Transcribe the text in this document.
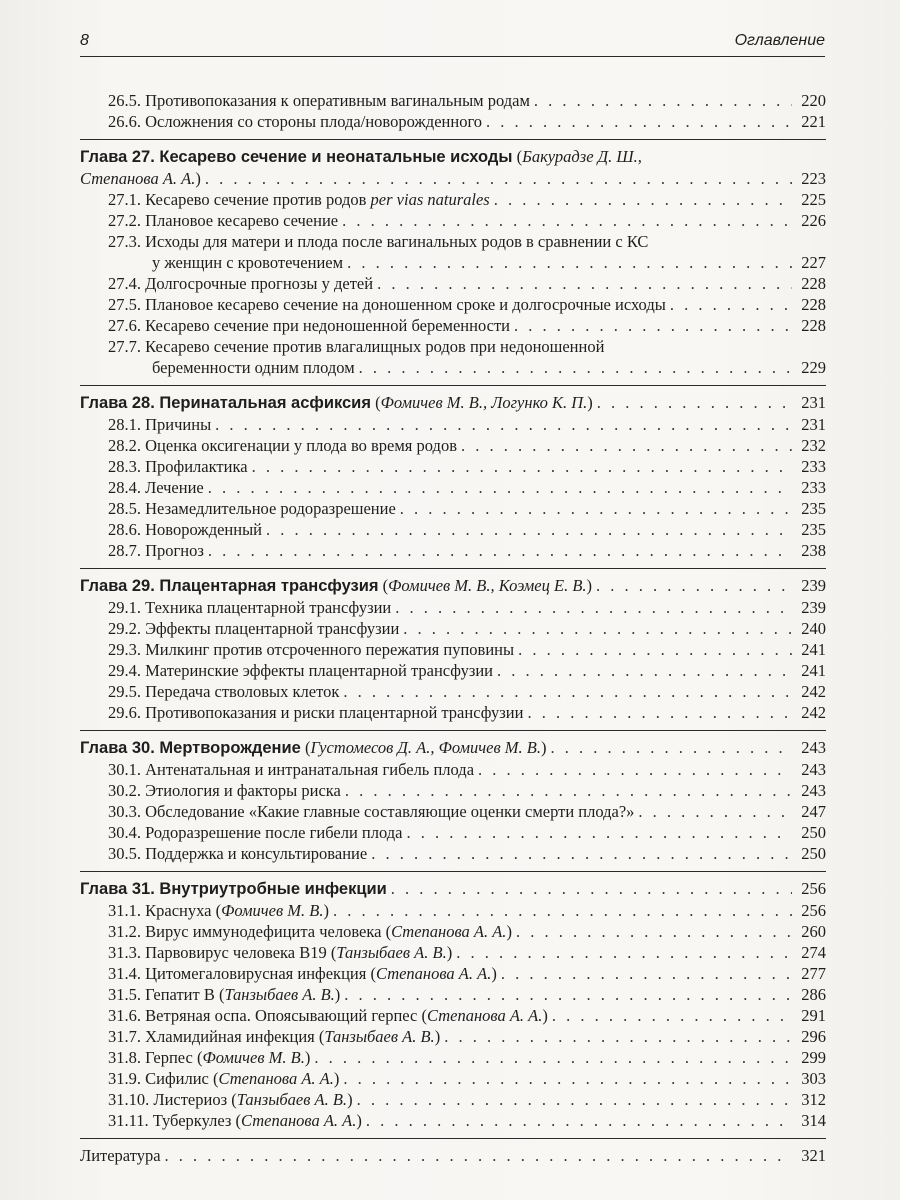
8	Оглавление
26.5. Противопоказания к оперативным вагинальным родам . . .	220
26.6. Осложнения со стороны плода/новорожденного . . .	221
Глава 27. Кесарево сечение и неонатальные исходы (Бакурадзе Д. Ш.,
Степанова А. А.) . . .	223
27.1. Кесарево сечение против родов per vias naturales . . .	225
27.2. Плановое кесарево сечение . . .	226
27.3. Исходы для матери и плода после вагинальных родов в сравнении с КС
у женщин с кровотечением . . .	227
27.4. Долгосрочные прогнозы у детей . . .	228
27.5. Плановое кесарево сечение на доношенном сроке и долгосрочные исходы . . .	228
27.6. Кесарево сечение при недоношенной беременности . . .	228
27.7. Кесарево сечение против влагалищных родов при недоношенной
беременности одним плодом . . .	229
Глава 28. Перинатальная асфиксия (Фомичев М. В., Логунко К. П.) . . .	231
28.1. Причины . . .	231
28.2. Оценка оксигенации у плода во время родов . . .	232
28.3. Профилактика . . .	233
28.4. Лечение . . .	233
28.5. Незамедлительное родоразрешение . . .	235
28.6. Новорожденный . . .	235
28.7. Прогноз . . .	238
Глава 29. Плацентарная трансфузия (Фомичев М. В., Коэмец Е. В.) . . .	239
29.1. Техника плацентарной трансфузии . . .	239
29.2. Эффекты плацентарной трансфузии . . .	240
29.3. Милкинг против отсроченного пережатия пуповины . . .	241
29.4. Материнские эффекты плацентарной трансфузии . . .	241
29.5. Передача стволовых клеток . . .	242
29.6. Противопоказания и риски плацентарной трансфузии . . .	242
Глава 30. Мертворождение (Густомесов Д. А., Фомичев М. В.) . . .	243
30.1. Антенатальная и интранатальная гибель плода . . .	243
30.2. Этиология и факторы риска . . .	243
30.3. Обследование «Какие главные составляющие оценки смерти плода?» . . .	247
30.4. Родоразрешение после гибели плода . . .	250
30.5. Поддержка и консультирование . . .	250
Глава 31. Внутриутробные инфекции . . .	256
31.1. Краснуха (Фомичев М. В.) . . .	256
31.2. Вирус иммунодефицита человека (Степанова А. А.) . . .	260
31.3. Парвовирус человека B19 (Танзыбаев А. В.) . . .	274
31.4. Цитомегаловирусная инфекция (Степанова А. А.) . . .	277
31.5. Гепатит B (Танзыбаев А. В.) . . .	286
31.6. Ветряная оспа. Опоясывающий герпес (Степанова А. А.) . . .	291
31.7. Хламидийная инфекция (Танзыбаев А. В.) . . .	296
31.8. Герпес (Фомичев М. В.) . . .	299
31.9. Сифилис (Степанова А. А.) . . .	303
31.10. Листериоз (Танзыбаев А. В.) . . .	312
31.11. Туберкулез (Степанова А. А.) . . .	314
Литература . . .	321
